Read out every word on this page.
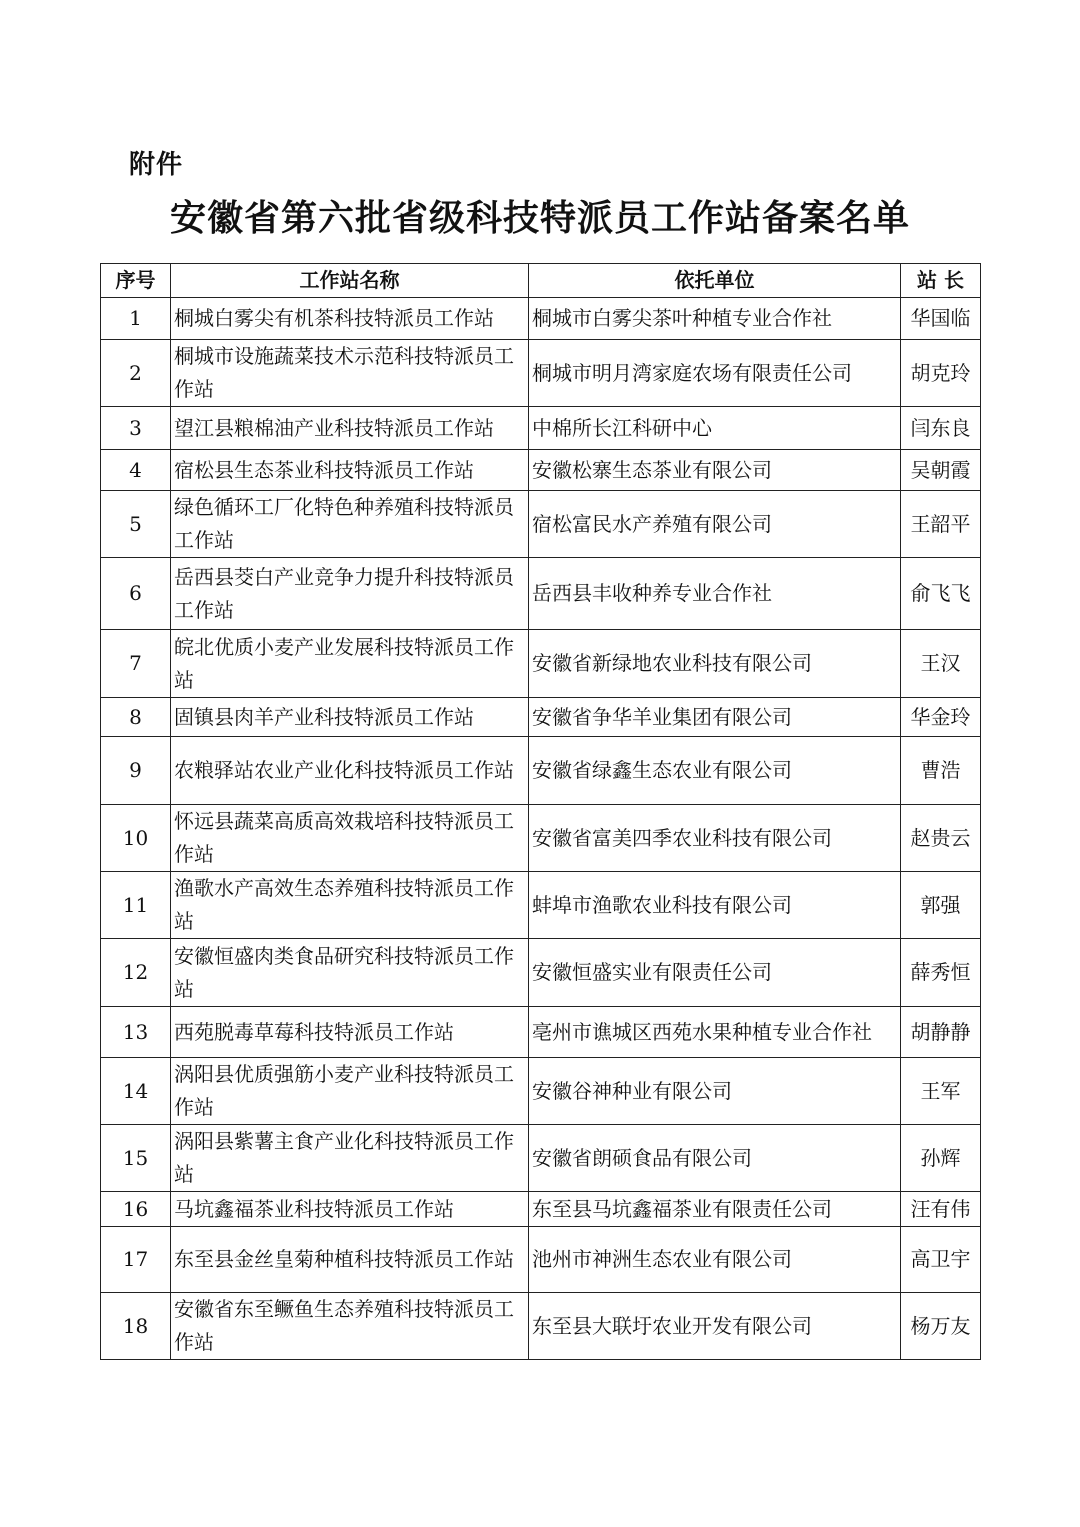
附件
安徽省第六批省级科技特派员工作站备案名单
序号	工作站名称	依托单位	站 长
1	桐城白雾尖有机茶科技特派员工作站	桐城市白雾尖茶叶种植专业合作社	华国临
2	桐城市设施蔬菜技术示范科技特派员工作站	桐城市明月湾家庭农场有限责任公司	胡克玲
3	望江县粮棉油产业科技特派员工作站	中棉所长江科研中心	闫东良
4	宿松县生态茶业科技特派员工作站	安徽松寨生态茶业有限公司	吴朝霞
5	绿色循环工厂化特色种养殖科技特派员工作站	宿松富民水产养殖有限公司	王韶平
6	岳西县茭白产业竞争力提升科技特派员工作站	岳西县丰收种养专业合作社	俞飞飞
7	皖北优质小麦产业发展科技特派员工作站	安徽省新绿地农业科技有限公司	王汉
8	固镇县肉羊产业科技特派员工作站	安徽省争华羊业集团有限公司	华金玲
9	农粮驿站农业产业化科技特派员工作站	安徽省绿鑫生态农业有限公司	曹浩
10	怀远县蔬菜高质高效栽培科技特派员工作站	安徽省富美四季农业科技有限公司	赵贵云
11	渔歌水产高效生态养殖科技特派员工作站	蚌埠市渔歌农业科技有限公司	郭强
12	安徽恒盛肉类食品研究科技特派员工作站	安徽恒盛实业有限责任公司	薛秀恒
13	西苑脱毒草莓科技特派员工作站	亳州市谯城区西苑水果种植专业合作社	胡静静
14	涡阳县优质强筋小麦产业科技特派员工作站	安徽谷神种业有限公司	王军
15	涡阳县紫薯主食产业化科技特派员工作站	安徽省朗硕食品有限公司	孙辉
16	马坑鑫福茶业科技特派员工作站	东至县马坑鑫福茶业有限责任公司	汪有伟
17	东至县金丝皇菊种植科技特派员工作站	池州市神洲生态农业有限公司	高卫宇
18	安徽省东至鳜鱼生态养殖科技特派员工作站	东至县大联圩农业开发有限公司	杨万友
